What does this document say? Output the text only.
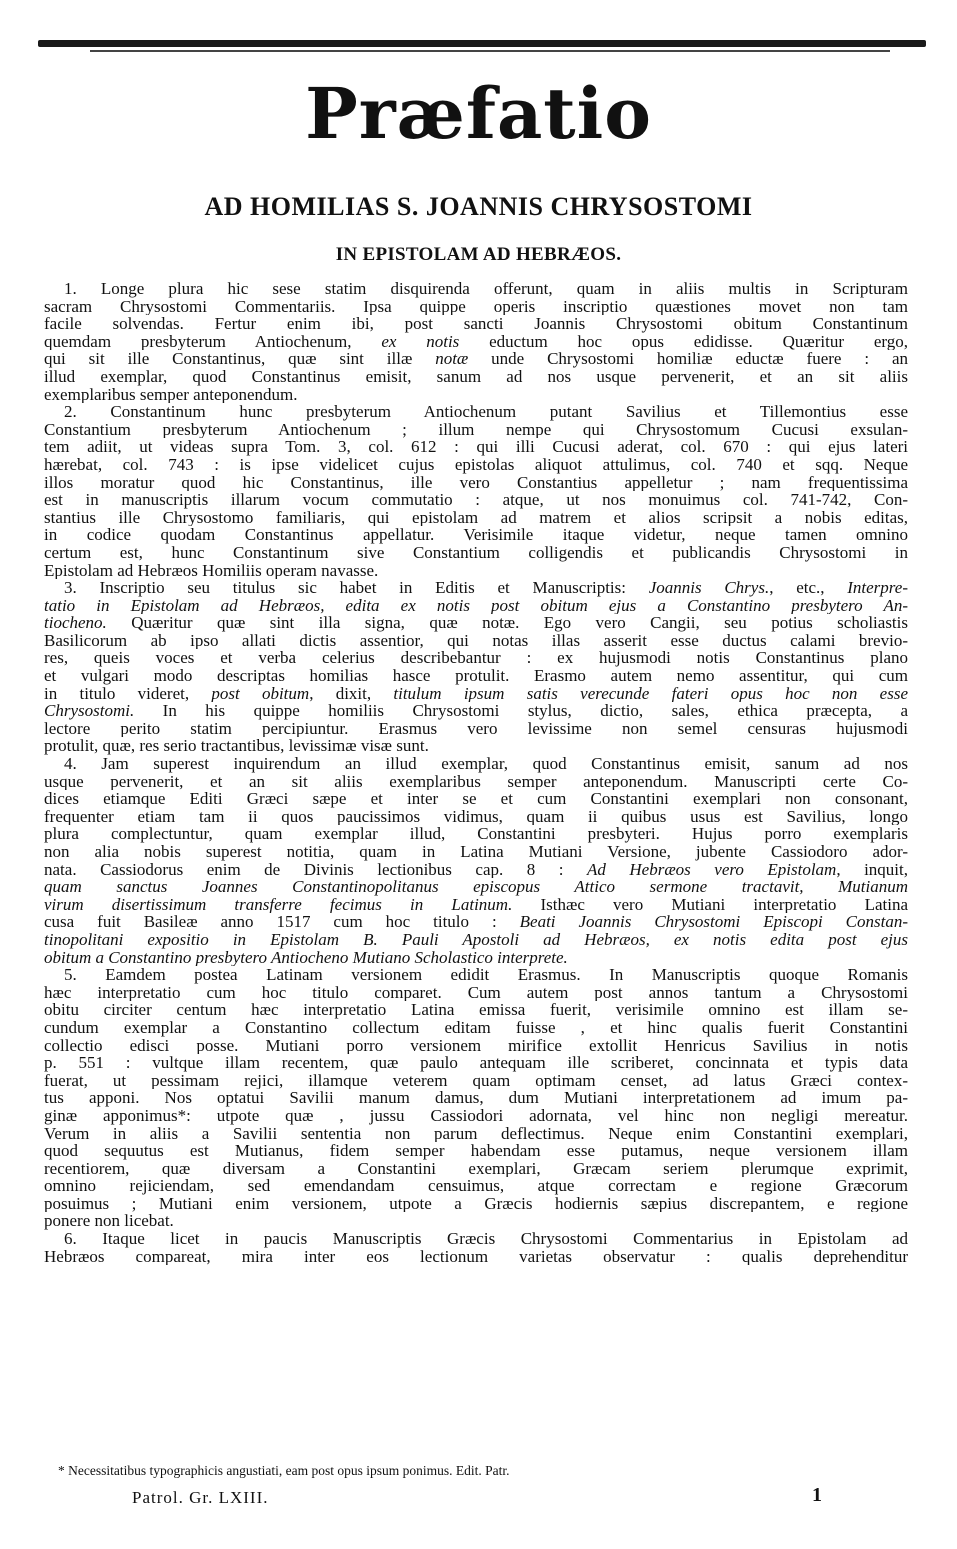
Præfatio
AD HOMILIAS S. JOANNIS CHRYSOSTOMI
IN EPISTOLAM AD HEBRÆOS.
1. Longe plura hic sese statim disquirenda offerunt, quam in aliis multis in Scripturam
sacram Chrysostomi Commentariis. Ipsa quippe operis inscriptio quæstiones movet non tam
facile solvendas. Fertur enim ibi, post sancti Joannis Chrysostomi obitum Constantinum
quemdam presbyterum Antiochenum, ex notis eductum hoc opus edidisse. Quæritur ergo,
qui sit ille Constantinus, quæ sint illæ notæ unde Chrysostomi homiliæ eductæ fuere : an
illud exemplar, quod Constantinus emisit, sanum ad nos usque pervenerit, et an sit aliis
exemplaribus semper anteponendum.
2. Constantinum hunc presbyterum Antiochenum putant Savilius et Tillemontius esse
Constantium presbyterum Antiochenum ; illum nempe qui Chrysostomum Cucusi exsulan-
tem adiit, ut videas supra Tom. 3, col. 612 : qui illi Cucusi aderat, col. 670 : qui ejus lateri
hærebat, col. 743 : is ipse videlicet cujus epistolas aliquot attulimus, col. 740 et sqq. Neque
illos moratur quod hic Constantinus, ille vero Constantius appelletur ; nam frequentissima
est in manuscriptis illarum vocum commutatio : atque, ut nos monuimus col. 741-742, Con-
stantius ille Chrysostomo familiaris, qui epistolam ad matrem et alios scripsit a nobis editas,
in codice quodam Constantinus appellatur. Verisimile itaque videtur, neque tamen omnino
certum est, hunc Constantinum sive Constantium colligendis et publicandis Chrysostomi in
Epistolam ad Hebræos Homiliis operam navasse.
3. Inscriptio seu titulus sic habet in Editis et Manuscriptis: Joannis Chrys., etc., Interpre-
tatio in Epistolam ad Hebræos, edita ex notis post obitum ejus a Constantino presbytero An-
tiocheno. Quæritur quæ sint illa signa, quæ notæ. Ego vero Cangii, seu potius scholiastis
Basilicorum ab ipso allati dictis assentior, qui notas illas asserit esse ductus calami brevio-
res, queis voces et verba celerius describebantur : ex hujusmodi notis Constantinus plano
et vulgari modo descriptas homilias hasce protulit. Erasmo autem nemo assentitur, qui cum
in titulo videret, post obitum, dixit, titulum ipsum satis verecunde fateri opus hoc non esse
Chrysostomi. In his quippe homiliis Chrysostomi stylus, dictio, sales, ethica præcepta, a
lectore perito statim percipiuntur. Erasmus vero levissime non semel censuras hujusmodi
protulit, quæ, res serio tractantibus, levissimæ visæ sunt.
4. Jam superest inquirendum an illud exemplar, quod Constantinus emisit, sanum ad nos
usque pervenerit, et an sit aliis exemplaribus semper anteponendum. Manuscripti certe Co-
dices etiamque Editi Græci sæpe et inter se et cum Constantini exemplari non consonant,
frequenter etiam tam ii quos paucissimos vidimus, quam ii quibus usus est Savilius, longo
plura complectuntur, quam exemplar illud, Constantini presbyteri. Hujus porro exemplaris
non alia nobis superest notitia, quam in Latina Mutiani Versione, jubente Cassiodoro ador-
nata. Cassiodorus enim de Divinis lectionibus cap. 8 : Ad Hebræos vero Epistolam, inquit,
quam sanctus Joannes Constantinopolitanus episcopus Attico sermone tractavit, Mutianum
virum disertissimum transferre fecimus in Latinum. Isthæc vero Mutiani interpretatio Latina
cusa fuit Basileæ anno 1517 cum hoc titulo : Beati Joannis Chrysostomi Episcopi Constan-
tinopolitani expositio in Epistolam B. Pauli Apostoli ad Hebræos, ex notis edita post ejus
obitum a Constantino presbytero Antiocheno Mutiano Scholastico interprete.
5. Eamdem postea Latinam versionem edidit Erasmus. In Manuscriptis quoque Romanis
hæc interpretatio cum hoc titulo comparet. Cum autem post annos tantum a Chrysostomi
obitu circiter centum hæc interpretatio Latina emissa fuerit, verisimile omnino est illam se-
cundum exemplar a Constantino collectum editam fuisse , et hinc qualis fuerit Constantini
collectio edisci posse. Mutiani porro versionem mirifice extollit Henricus Savilius in notis
p. 551 : vultque illam recentem, quæ paulo antequam ille scriberet, concinnata et typis data
fuerat, ut pessimam rejici, illamque veterem quam optimam censet, ad latus Græci contex-
tus apponi. Nos optatui Savilii manum damus, dum Mutiani interpretationem ad imum pa-
ginæ apponimus*: utpote quæ , jussu Cassiodori adornata, vel hinc non negligi mereatur.
Verum in aliis a Savilii sententia non parum deflectimus. Neque enim Constantini exemplari,
quod sequutus est Mutianus, fidem semper habendam esse putamus, neque versionem illam
recentiorem, quæ diversam a Constantini exemplari, Græcam seriem plerumque exprimit,
omnino rejiciendam, sed emendandam censuimus, atque correctam e regione Græcorum
posuimus ; Mutiani enim versionem, utpote a Græcis hodiernis sæpius discrepantem, e regione
ponere non licebat.
6. Itaque licet in paucis Manuscriptis Græcis Chrysostomi Commentarius in Epistolam ad
Hebræos compareat, mira inter eos lectionum varietas observatur : qualis deprehenditur
* Necessitatibus typographicis angustiati, eam post opus ipsum ponimus. Edit. Patr.
Patrol. Gr. LXIII.	1
